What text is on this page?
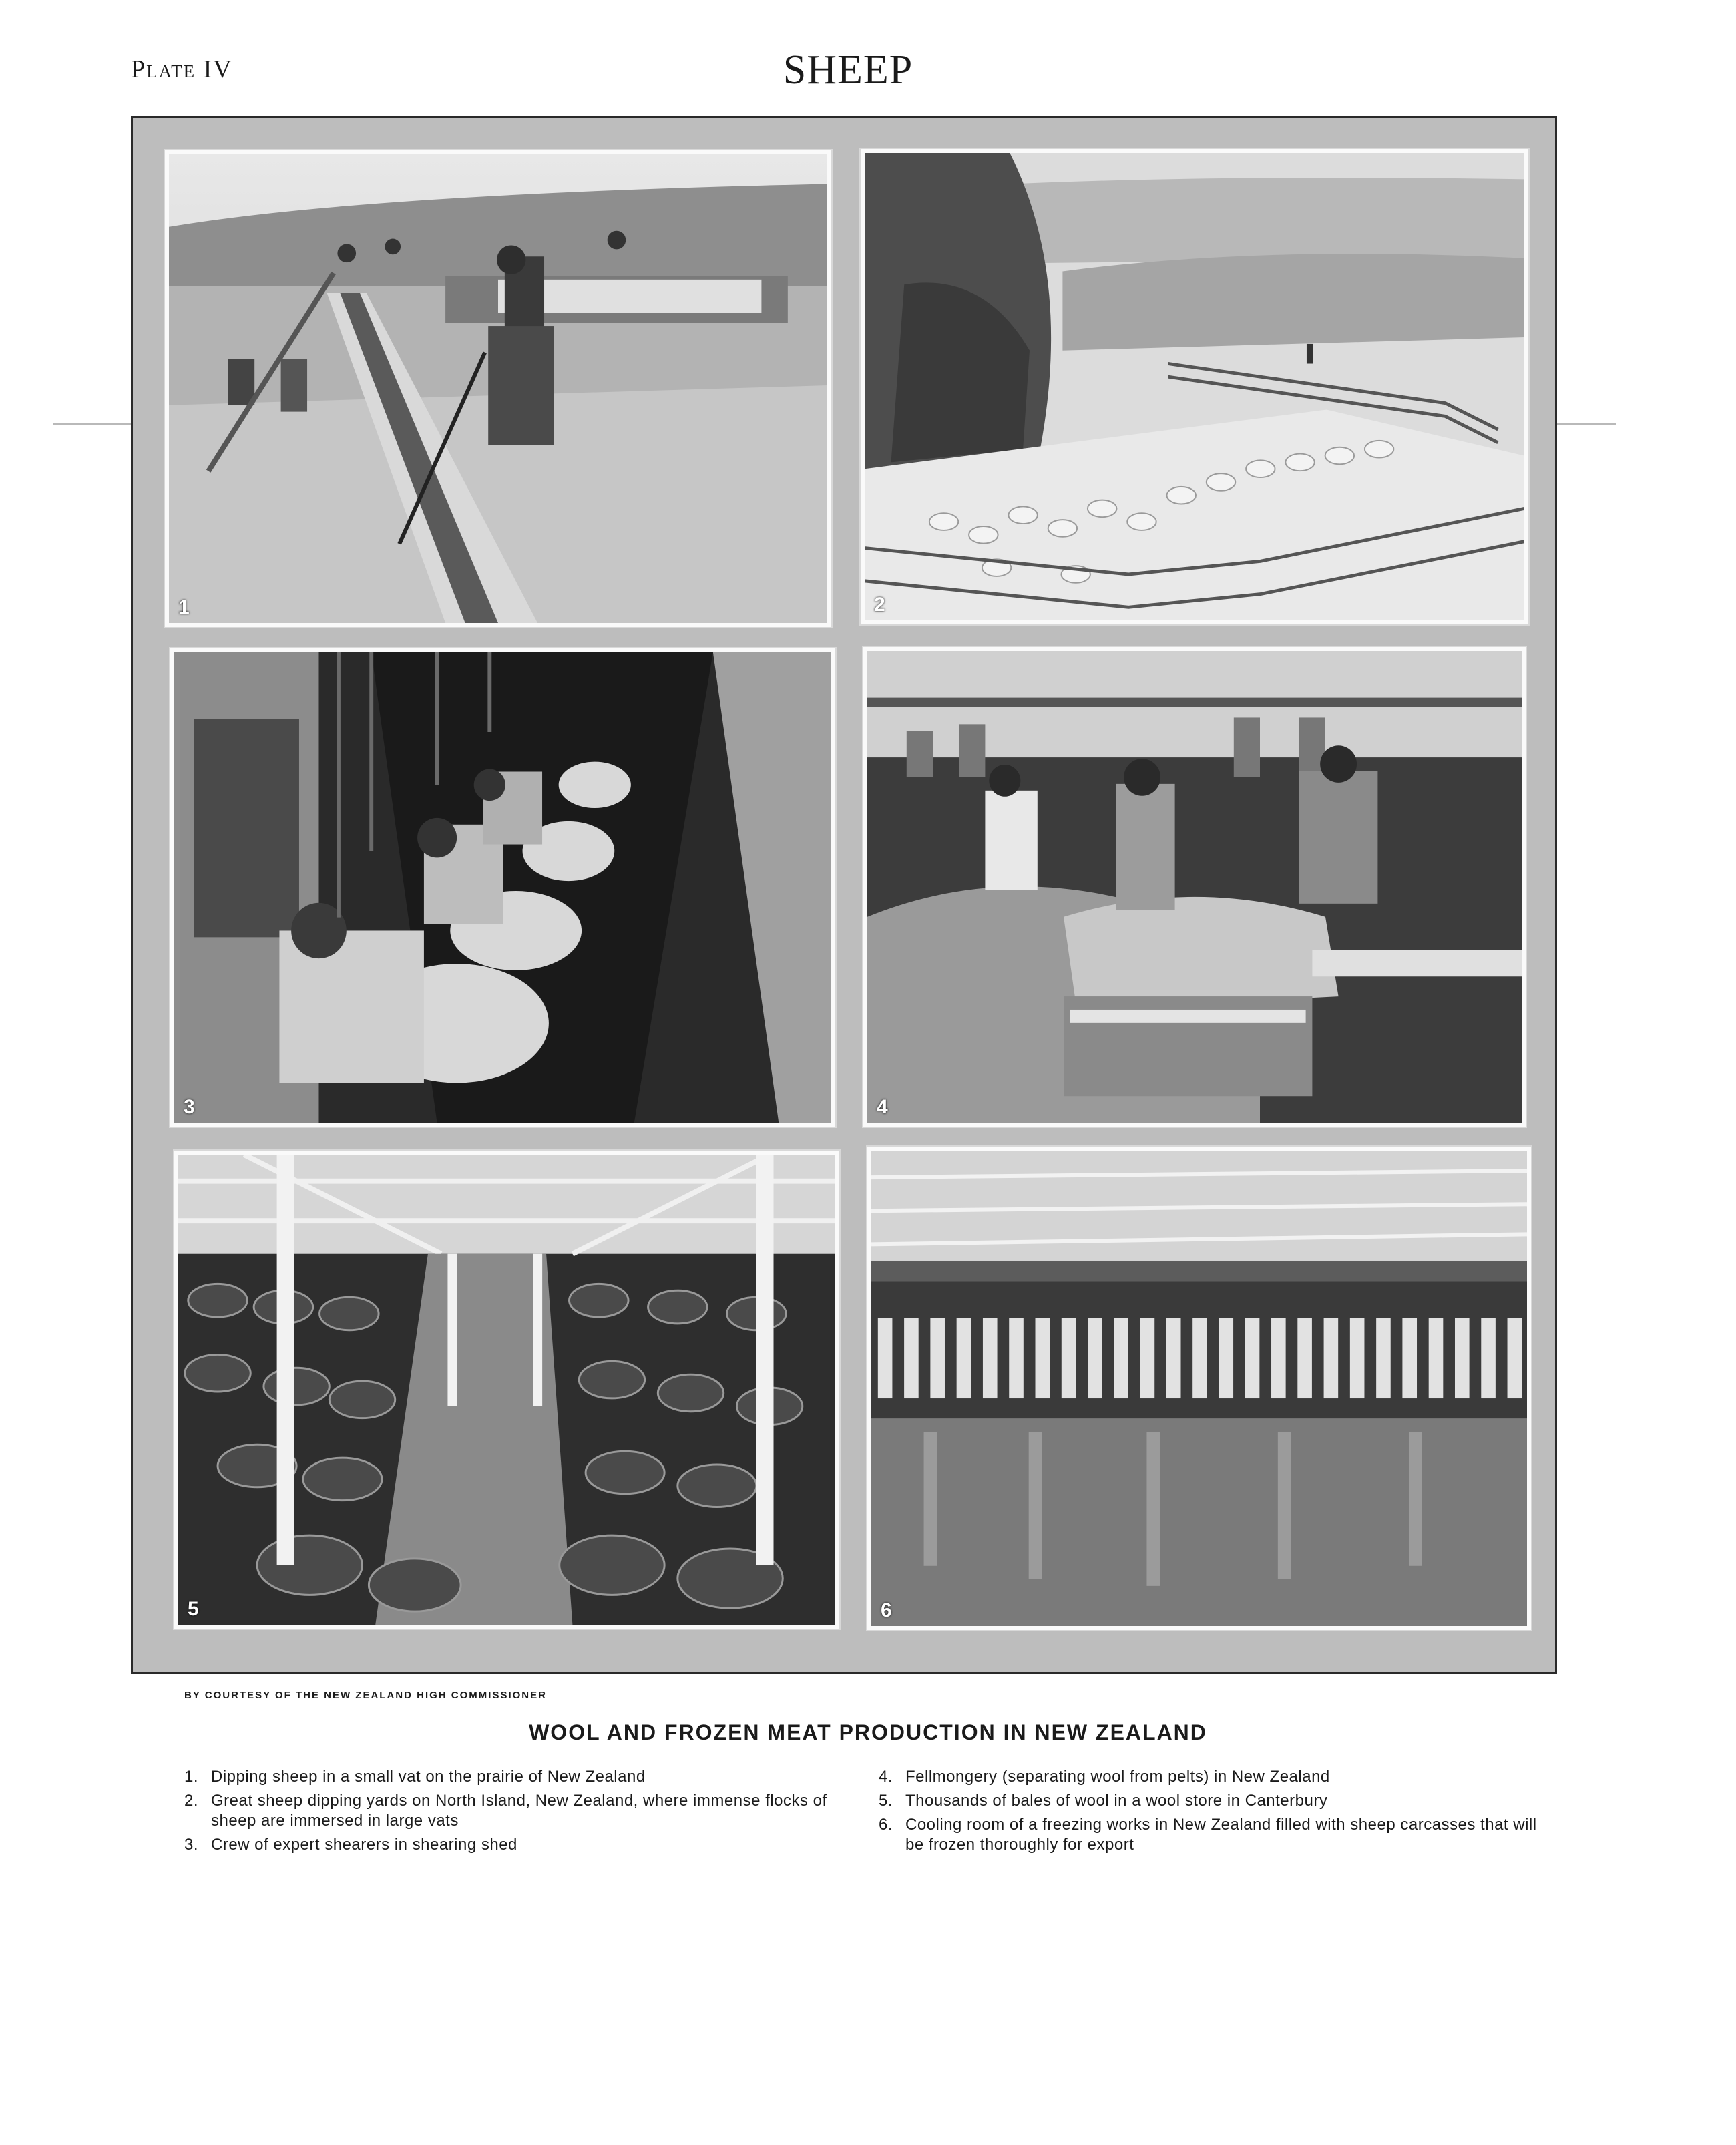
Plate IV	SHEEP
1	2
3	4
5	6
BY COURTESY OF THE NEW ZEALAND HIGH COMMISSIONER
WOOL AND FROZEN MEAT PRODUCTION IN NEW ZEALAND
1. Dipping sheep in a small vat on the prairie of New Zealand
2. Great sheep dipping yards on North Island, New Zealand, where immense flocks of sheep are immersed in large vats
3. Crew of expert shearers in shearing shed
4. Fellmongery (separating wool from pelts) in New Zealand
5. Thousands of bales of wool in a wool store in Canterbury
6. Cooling room of a freezing works in New Zealand filled with sheep carcasses that will be frozen thoroughly for export
